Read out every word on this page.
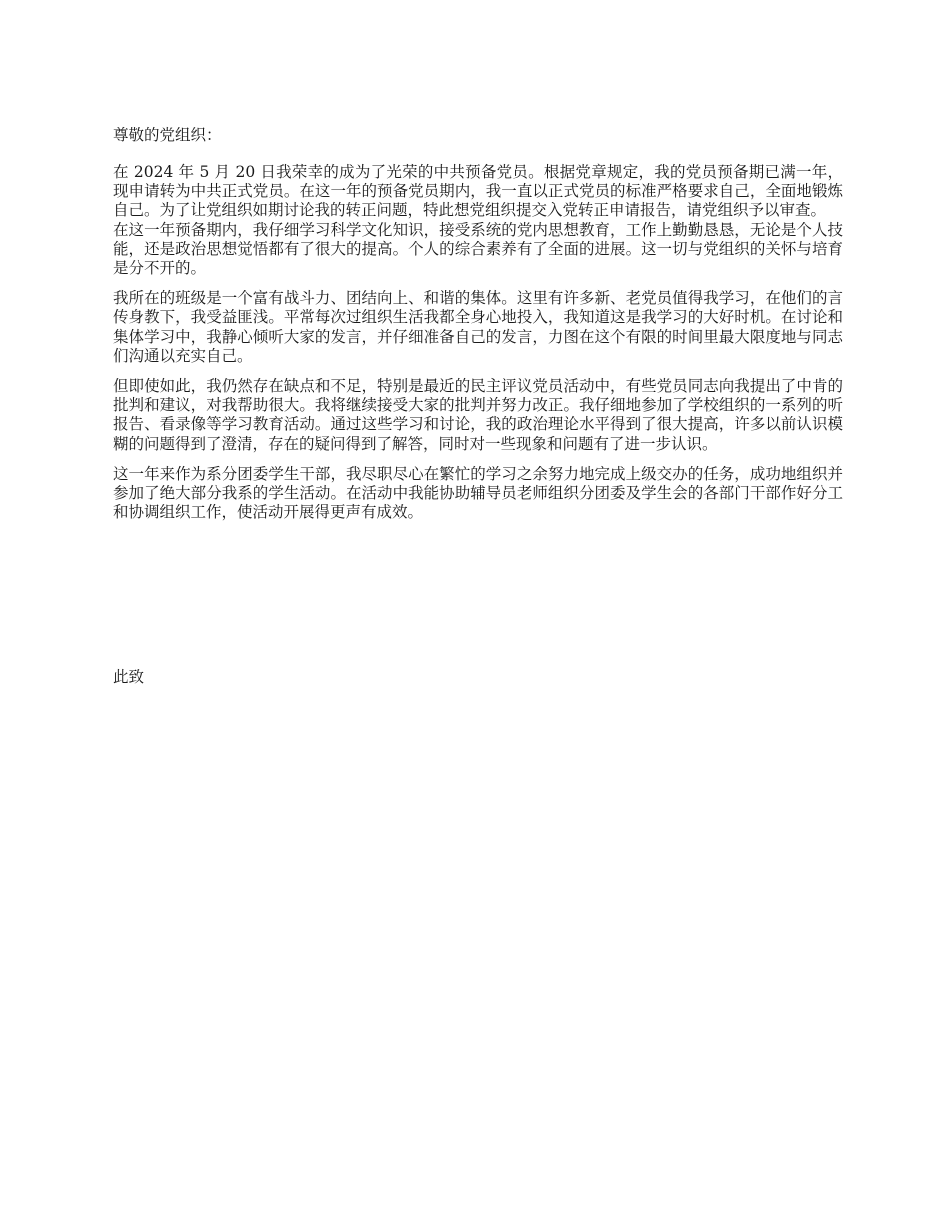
尊敬的党组织：

在 2024 年 5 月 20 日我荣幸的成为了光荣的中共预备党员。根据党章规定，我的党员预备期已满一年，现申请转为中共正式党员。在这一年的预备党员期内，我一直以正式党员的标准严格要求自己，全面地锻炼自己。为了让党组织如期讨论我的转正问题，特此想党组织提交入党转正申请报告，请党组织予以审查。

在这一年预备期内，我仔细学习科学文化知识，接受系统的党内思想教育，工作上勤勤恳恳，无论是个人技能，还是政治思想觉悟都有了很大的提高。个人的综合素养有了全面的进展。这一切与党组织的关怀与培育是分不开的。

我所在的班级是一个富有战斗力、团结向上、和谐的集体。这里有许多新、老党员值得我学习，在他们的言传身教下，我受益匪浅。平常每次过组织生活我都全身心地投入，我知道这是我学习的大好时机。在讨论和集体学习中，我静心倾听大家的发言，并仔细准备自己的发言，力图在这个有限的时间里最大限度地与同志们沟通以充实自己。

但即使如此，我仍然存在缺点和不足，特别是最近的民主评议党员活动中，有些党员同志向我提出了中肯的批判和建议，对我帮助很大。我将继续接受大家的批判并努力改正。我仔细地参加了学校组织的一系列的听报告、看录像等学习教育活动。通过这些学习和讨论，我的政治理论水平得到了很大提高，许多以前认识模糊的问题得到了澄清，存在的疑问得到了解答，同时对一些现象和问题有了进一步认识。

这一年来作为系分团委学生干部，我尽职尽心在繁忙的学习之余努力地完成上级交办的任务，成功地组织并参加了绝大部分我系的学生活动。在活动中我能协助辅导员老师组织分团委及学生会的各部门干部作好分工和协调组织工作，使活动开展得更声有成效。

此致
